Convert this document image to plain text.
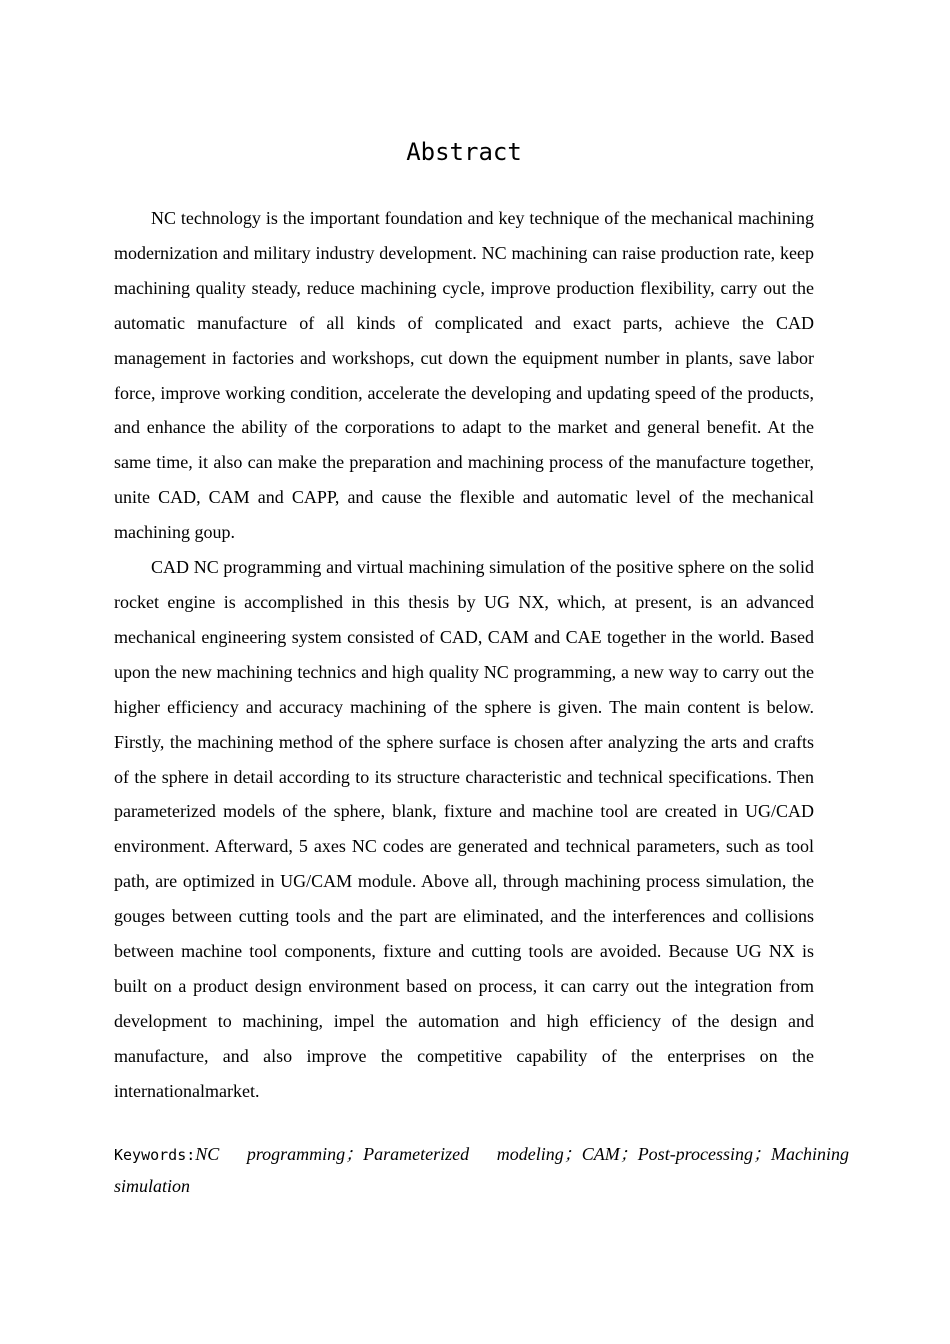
Abstract

NC technology is the important foundation and key technique of the mechanical machining modernization and military industry development. NC machining can raise production rate, keep machining quality steady, reduce machining cycle, improve production flexibility, carry out the automatic manufacture of all kinds of complicated and exact parts, achieve the CAD management in factories and workshops, cut down the equipment number in plants, save labor force, improve working condition, accelerate the developing and updating speed of the products, and enhance the ability of the corporations to adapt to the market and general benefit. At the same time, it also can make the preparation and machining process of the manufacture together, unite CAD, CAM and CAPP, and cause the flexible and automatic level of the mechanical machining goup.

CAD NC programming and virtual machining simulation of the positive sphere on the solid rocket engine is accomplished in this thesis by UG NX, which, at present, is an advanced mechanical engineering system consisted of CAD, CAM and CAE together in the world. Based upon the new machining technics and high quality NC programming, a new way to carry out the higher efficiency and accuracy machining of the sphere is given. The main content is below. Firstly, the machining method of the sphere surface is chosen after analyzing the arts and crafts of the sphere in detail according to its structure characteristic and technical specifications. Then parameterized models of the sphere, blank, fixture and machine tool are created in UG/CAD environment. Afterward, 5 axes NC codes are generated and technical parameters, such as tool path, are optimized in UG/CAM module. Above all, through machining process simulation, the gouges between cutting tools and the part are eliminated, and the interferences and collisions between machine tool components, fixture and cutting tools are avoided. Because UG NX is built on a product design environment based on process, it can carry out the integration from development to machining, impel the automation and high efficiency of the design and manufacture, and also improve the competitive capability of the enterprises on the internationalmarket.

Keywords:NC programming；Parameterized modeling；CAM；Post-processing；Machining simulation
